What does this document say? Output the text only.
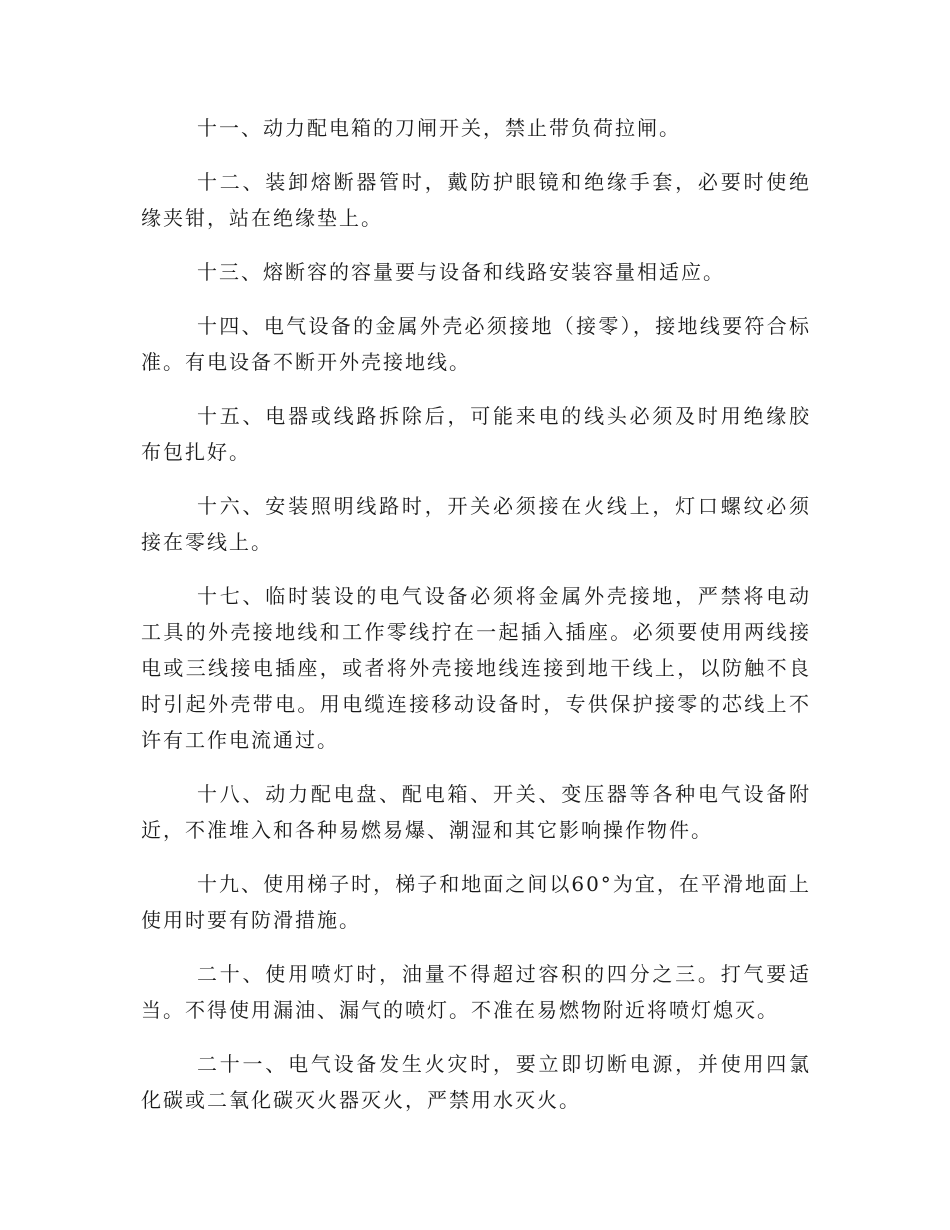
十一、动力配电箱的刀闸开关，禁止带负荷拉闸。

十二、装卸熔断器管时，戴防护眼镜和绝缘手套，必要时使绝缘夹钳，站在绝缘垫上。

十三、熔断容的容量要与设备和线路安装容量相适应。

十四、电气设备的金属外壳必须接地（接零），接地线要符合标准。有电设备不断开外壳接地线。

十五、电器或线路拆除后，可能来电的线头必须及时用绝缘胶布包扎好。

十六、安装照明线路时，开关必须接在火线上，灯口螺纹必须接在零线上。

十七、临时装设的电气设备必须将金属外壳接地，严禁将电动工具的外壳接地线和工作零线拧在一起插入插座。必须要使用两线接电或三线接电插座，或者将外壳接地线连接到地干线上，以防触不良时引起外壳带电。用电缆连接移动设备时，专供保护接零的芯线上不许有工作电流通过。

十八、动力配电盘、配电箱、开关、变压器等各种电气设备附近，不准堆入和各种易燃易爆、潮湿和其它影响操作物件。

十九、使用梯子时，梯子和地面之间以60°为宜，在平滑地面上使用时要有防滑措施。

二十、使用喷灯时，油量不得超过容积的四分之三。打气要适当。不得使用漏油、漏气的喷灯。不准在易燃物附近将喷灯熄灭。

二十一、电气设备发生火灾时，要立即切断电源，并使用四氯化碳或二氧化碳灭火器灭火，严禁用水灭火。
